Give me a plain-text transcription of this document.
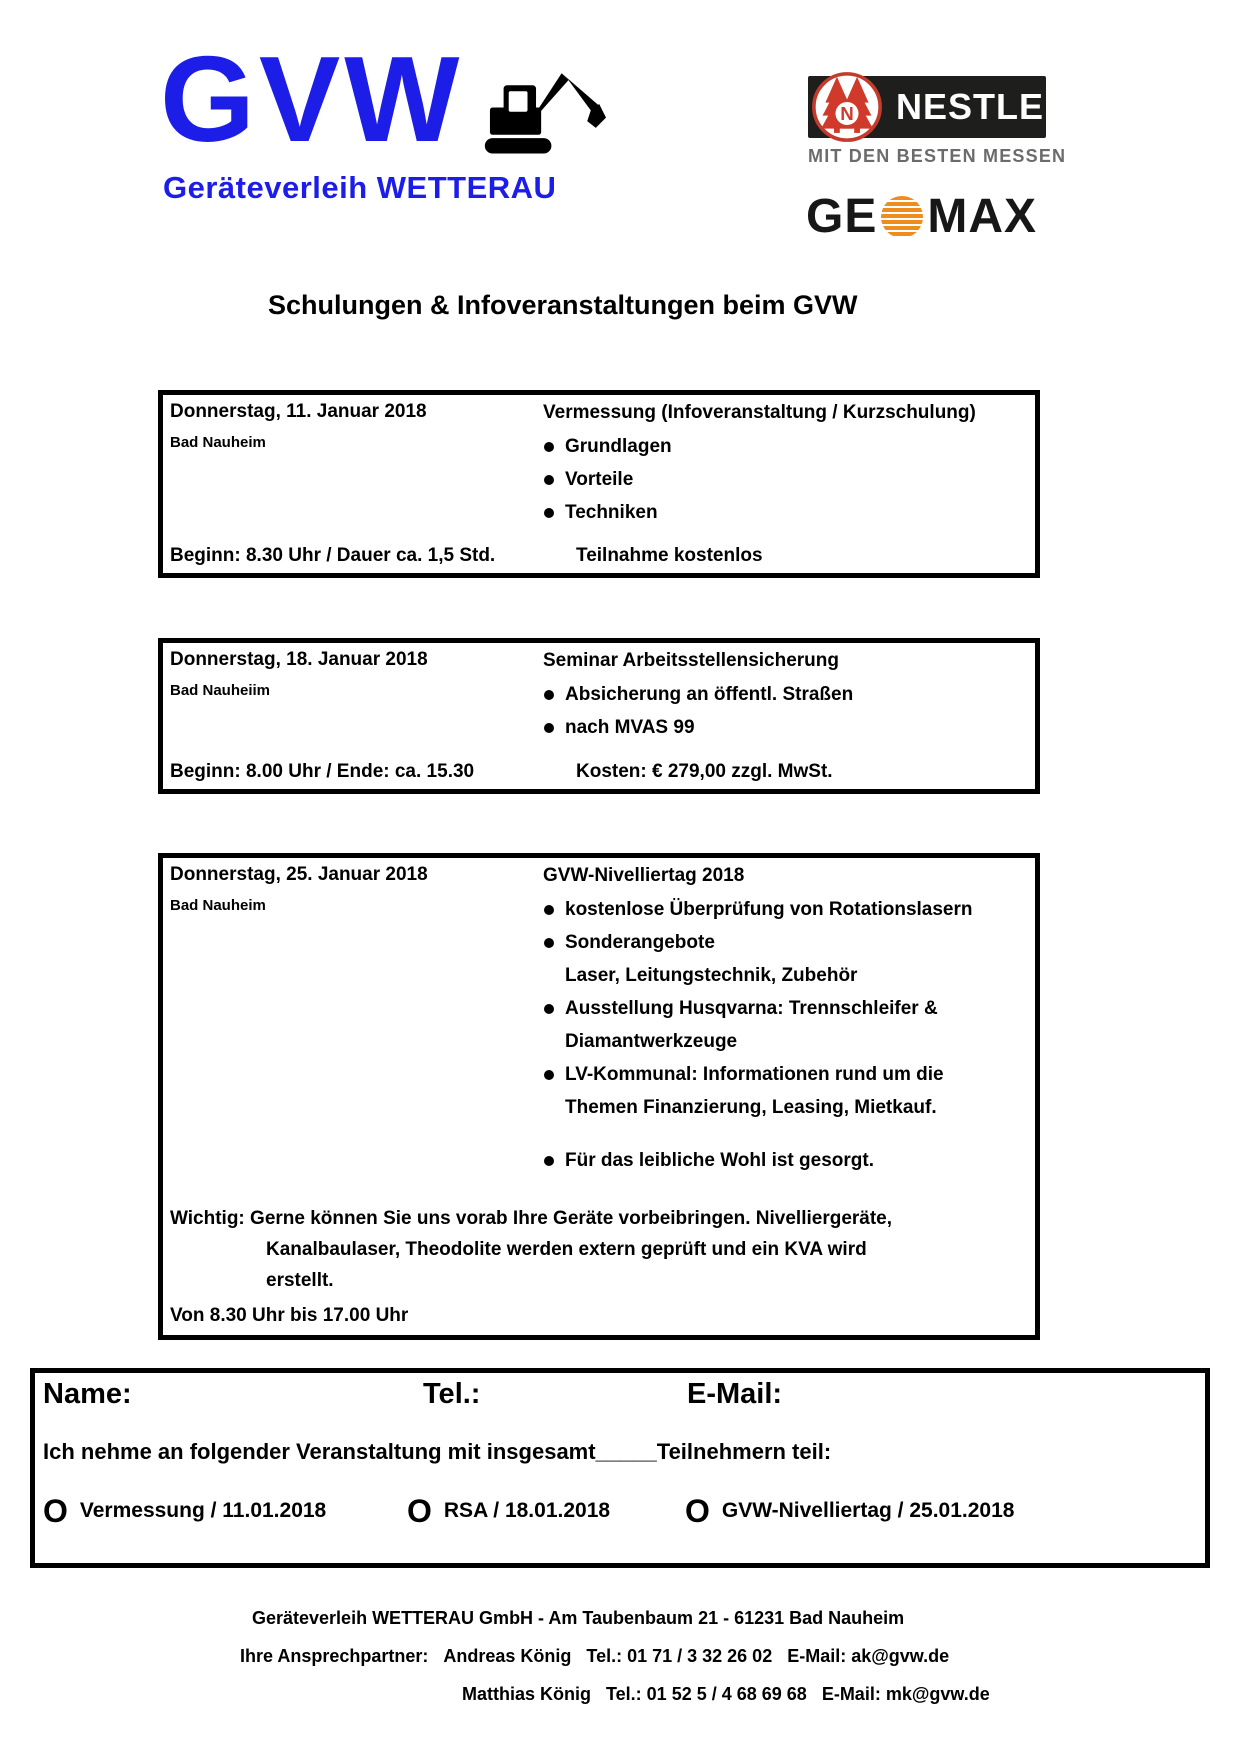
GVW
Geräteverleih WETTERAU
N NESTLE
MIT DEN BESTEN MESSEN
GE MAX
Schulungen & Infoveranstaltungen beim GVW
Donnerstag, 11. Januar 2018
Bad Nauheim
Vermessung (Infoveranstaltung / Kurzschulung)
Grundlagen
Vorteile
Techniken
Beginn: 8.30 Uhr / Dauer ca. 1,5 Std.	Teilnahme kostenlos
Donnerstag, 18. Januar 2018
Bad Nauheiim
Seminar Arbeitsstellensicherung
Absicherung an öffentl. Straßen
nach MVAS 99
Beginn: 8.00 Uhr / Ende: ca. 15.30	Kosten: € 279,00 zzgl. MwSt.
Donnerstag, 25. Januar 2018
Bad Nauheim
GVW-Nivelliertag 2018
kostenlose Überprüfung von Rotationslasern
Sonderangebote
Laser, Leitungstechnik, Zubehör
Ausstellung Husqvarna: Trennschleifer &
Diamantwerkzeuge
LV-Kommunal: Informationen rund um die
Themen Finanzierung, Leasing, Mietkauf.
Für das leibliche Wohl ist gesorgt.
Wichtig: Gerne können Sie uns vorab Ihre Geräte vorbeibringen. Nivelliergeräte,
Kanalbaulaser, Theodolite werden extern geprüft und ein KVA wird
erstellt.
Von 8.30 Uhr bis 17.00 Uhr
Name:	Tel.:	E-Mail:
Ich nehme an folgender Veranstaltung mit insgesamt_____Teilnehmern teil:
O Vermessung / 11.01.2018	O RSA / 18.01.2018 O GVW-Nivelliertag / 25.01.2018
Geräteverleih WETTERAU GmbH - Am Taubenbaum 21 - 61231 Bad Nauheim
Ihre Ansprechpartner: Andreas König Tel.: 01 71 / 3 32 26 02 E-Mail: ak@gvw.de
Matthias König Tel.: 01 52 5 / 4 68 69 68 E-Mail: mk@gvw.de
